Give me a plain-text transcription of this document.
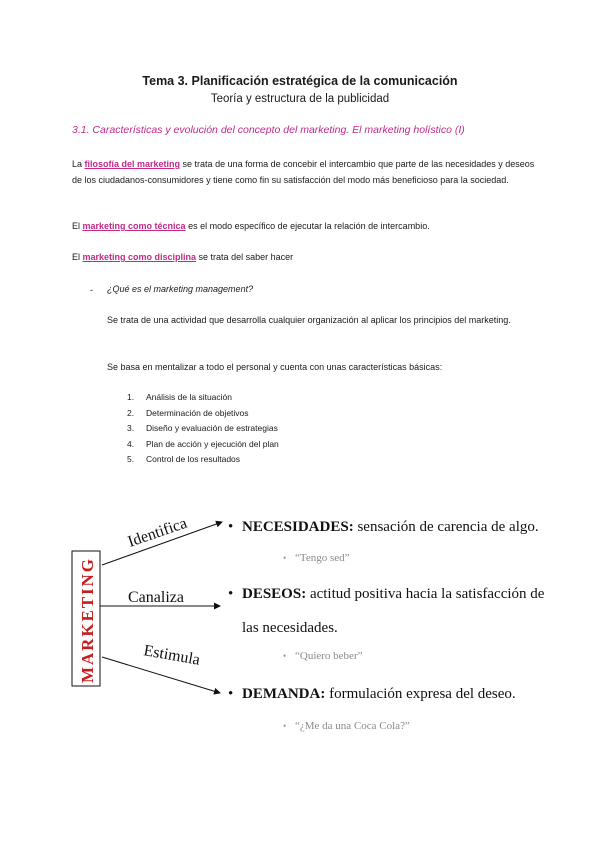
Tema 3. Planificación estratégica de la comunicación
Teoría y estructura de la publicidad
3.1. Características y evolución del concepto del marketing. El marketing holístico (I)
La filosofía del marketing se trata de una forma de concebir el intercambio que parte de las necesidades y deseos de los ciudadanos-consumidores y tiene como fin su satisfacción del modo más beneficioso para la sociedad.
El marketing como técnica es el modo específico de ejecutar la relación de intercambio.
El marketing como disciplina se trata del saber hacer
- ¿Qué es el marketing management?
Se trata de una actividad que desarrolla cualquier organización al aplicar los principios del marketing.
Se basa en mentalizar a todo el personal y cuenta con unas características básicas:
1. Análisis de la situación
2. Determinación de objetivos
3. Diseño y evaluación de estrategias
4. Plan de acción y ejecución del plan
5. Control de los resultados
MARKETING
Identifica
Canaliza
Estimula
• NECESIDADES: sensación de carencia de algo.
• “Tengo sed”
• DESEOS: actitud positiva hacia la satisfacción de
las necesidades.
• “Quiero beber”
• DEMANDA: formulación expresa del deseo.
• “¿Me da una Coca Cola?”
